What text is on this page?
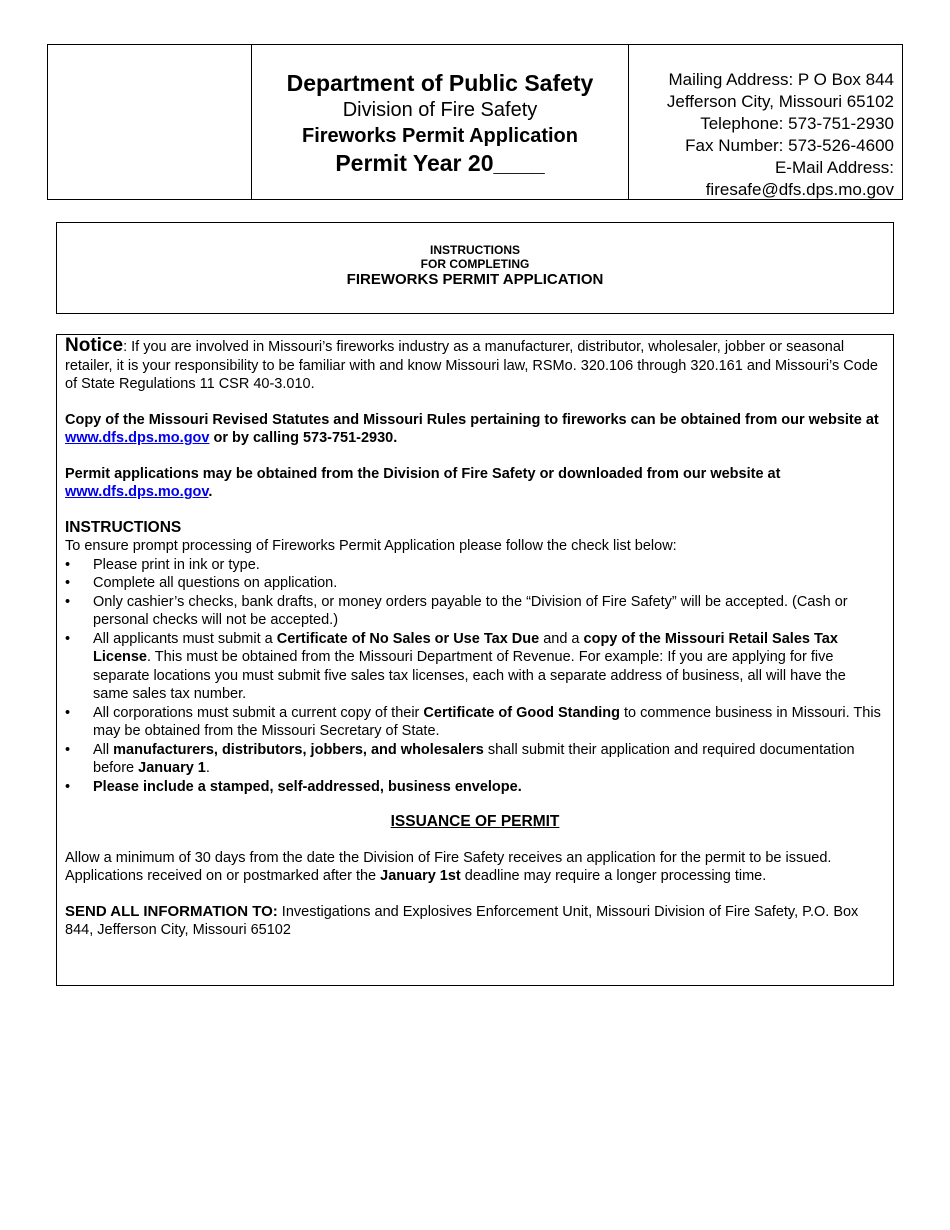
Department of Public Safety
Division of Fire Safety
Fireworks Permit Application
Permit Year 20____
Mailing Address: P O Box 844
Jefferson City, Missouri 65102
Telephone: 573-751-2930
Fax Number: 573-526-4600
E-Mail Address:
firesafe@dfs.dps.mo.gov
INSTRUCTIONS
FOR COMPLETING
FIREWORKS PERMIT APPLICATION

Notice: If you are involved in Missouri’s fireworks industry as a manufacturer, distributor, wholesaler, jobber or seasonal retailer, it is your responsibility to be familiar with and know Missouri law, RSMo. 320.106 through 320.161 and Missouri’s Code of State Regulations 11 CSR 40-3.010.

Copy of the Missouri Revised Statutes and Missouri Rules pertaining to fireworks can be obtained from our website at www.dfs.dps.mo.gov or by calling 573-751-2930.

Permit applications may be obtained from the Division of Fire Safety or downloaded from our website at www.dfs.dps.mo.gov.

INSTRUCTIONS

To ensure prompt processing of Fireworks Permit Application please follow the check list below:

• Please print in ink or type.
• Complete all questions on application.
• Only cashier’s checks, bank drafts, or money orders payable to the “Division of Fire Safety” will be accepted. (Cash or personal checks will not be accepted.)
• All applicants must submit a Certificate of No Sales or Use Tax Due and a copy of the Missouri Retail Sales Tax License. This must be obtained from the Missouri Department of Revenue. For example: If you are applying for five separate locations you must submit five sales tax licenses, each with a separate address of business, all will have the same sales tax number.
• All corporations must submit a current copy of their Certificate of Good Standing to commence business in Missouri. This may be obtained from the Missouri Secretary of State.
• All manufacturers, distributors, jobbers, and wholesalers shall submit their application and required documentation before January 1.
• Please include a stamped, self-addressed, business envelope.

ISSUANCE OF PERMIT

Allow a minimum of 30 days from the date the Division of Fire Safety receives an application for the permit to be issued. Applications received on or postmarked after the January 1st deadline may require a longer processing time.

SEND ALL INFORMATION TO: Investigations and Explosives Enforcement Unit, Missouri Division of Fire Safety, P.O. Box 844, Jefferson City, Missouri 65102
